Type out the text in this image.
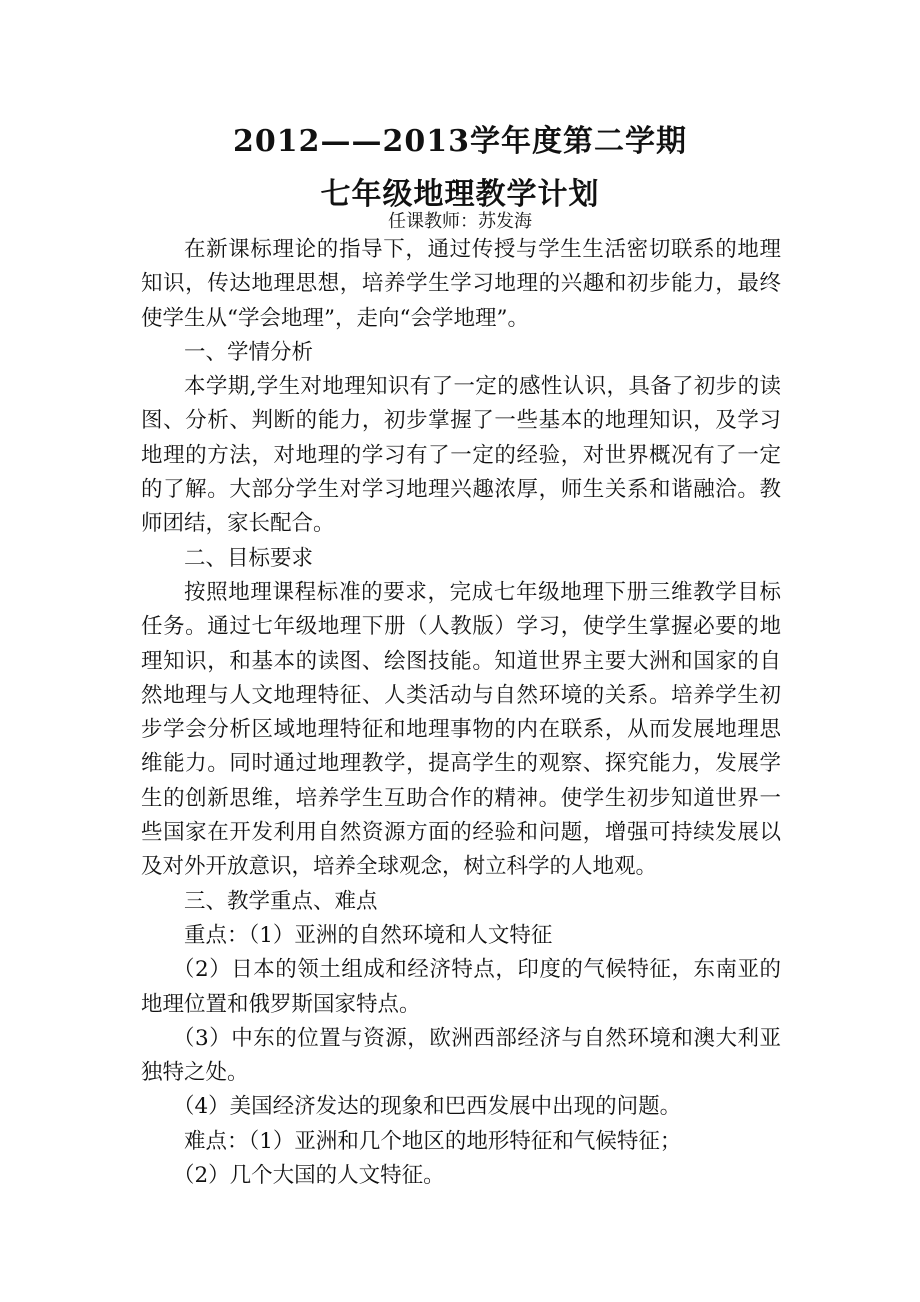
2012——2013学年度第二学期
七年级地理教学计划
任课教师：苏发海

在新课标理论的指导下，通过传授与学生生活密切联系的地理知识，传达地理思想，培养学生学习地理的兴趣和初步能力，最终使学生从“学会地理”，走向“会学地理”。

一、学情分析

本学期,学生对地理知识有了一定的感性认识，具备了初步的读图、分析、判断的能力，初步掌握了一些基本的地理知识，及学习地理的方法，对地理的学习有了一定的经验，对世界概况有了一定的了解。大部分学生对学习地理兴趣浓厚，师生关系和谐融洽。教师团结，家长配合。

二、目标要求

按照地理课程标准的要求，完成七年级地理下册三维教学目标任务。通过七年级地理下册（人教版）学习，使学生掌握必要的地理知识，和基本的读图、绘图技能。知道世界主要大洲和国家的自然地理与人文地理特征、人类活动与自然环境的关系。培养学生初步学会分析区域地理特征和地理事物的内在联系，从而发展地理思维能力。同时通过地理教学，提高学生的观察、探究能力，发展学生的创新思维，培养学生互助合作的精神。使学生初步知道世界一些国家在开发利用自然资源方面的经验和问题，增强可持续发展以及对外开放意识，培养全球观念，树立科学的人地观。

三、教学重点、难点

重点：（1）亚洲的自然环境和人文特征

（2）日本的领土组成和经济特点，印度的气候特征，东南亚的地理位置和俄罗斯国家特点。

（3）中东的位置与资源，欧洲西部经济与自然环境和澳大利亚独特之处。

（4）美国经济发达的现象和巴西发展中出现的问题。

难点：（1）亚洲和几个地区的地形特征和气候特征；

（2）几个大国的人文特征。
